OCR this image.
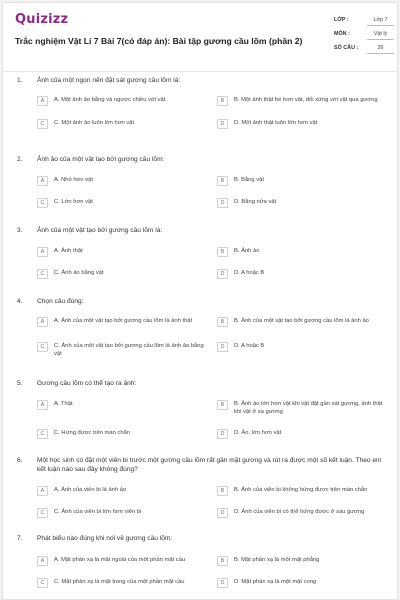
Quizizz
Trắc nghiệm Vật Lí 7 Bài 7(có đáp án): Bài tập gương cầu lõm (phần 2)
LỚP :	Lớp 7
MÔN :	Vật lý
SỐ CÂU :	26
1. Ảnh của một ngọn nến đặt sát gương cầu lõm là:
A	A. Một ảnh ảo bằng và ngược chiều với vật	B	B. Một ảnh thật bé hơn vật, đối xứng với vật qua gương
C	C. Một ảnh ảo luôn lớn hơn vật	D	D. Một ảnh thật luôn lớn hơn vật
2. Ảnh ảo của một vật tạo bởi gương cầu lõm:
A	A. Nhỏ hơn vật	B	B. Bằng vật
C	C. Lớn hơn vật	D	D. Bằng nửa vật
3. Ảnh của một vật tạo bởi gương cầu lõm là:
A	A. Ảnh thật	B	B. Ảnh ảo
C	C. Ảnh ảo bằng vật	D	D. A hoặc B
4. Chọn câu đúng:
A	A. Ảnh của một vật tạo bởi gương cầu lõm là ảnh thật	B	B. Ảnh của một vật tạo bởi gương cầu lõm là ảnh ảo
C	C. Ảnh của một vật tạo bởi gương cầu lõm là ảnh ảo bằng vật
D	D. A hoặc B
5. Gương cầu lõm có thể tạo ra ảnh:
A	A. Thật	B	B. Ảnh ảo lớn hơn vật khi vật đặt gần sát gương, ảnh thật khi vật ở xa gương
C	C. Hứng được trên màn chắn	D	D. Ảo, lớn hơn vật
6. Một học sinh có đặt một viên bi trước một gương cầu lõm rất gần mặt gương và rút ra được một số kết luận. Theo em kết luận nào sau đây không đúng?
A	A. Ảnh của viên bi là ảnh ảo	B	B. Ảnh của viên bi không hứng được trên màn chắn
C	C. Ảnh của viên bi lớn hơn viên bi	D	D. Ảnh của viên bi có thể hứng được ở sau gương
7. Phát biểu nào đúng khi nói về gương cầu lõm:
A	A. Mặt phản xạ là mặt ngoài của một phần mặt cầu	B	B. Mặt phản xạ là một mặt phẳng
C	C. Mặt phản xạ là mặt trong của một phần mặt cầu	D	D. Mặt phản xạ là một mặt cong
